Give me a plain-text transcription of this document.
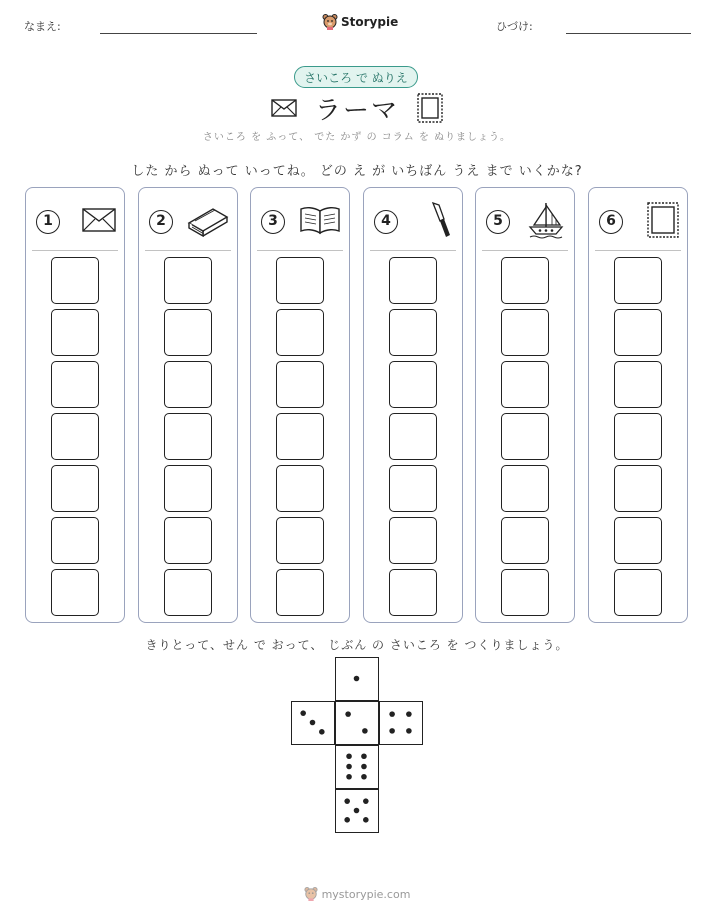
なまえ:	Storypie	ひづけ:
さいころ で ぬりえ
ラーマ
さいころ を ふって、 でた かず の コラム を ぬりましょう。
した から ぬって いってね。 どの え が いちばん うえ まで いくかな?
1	2	3	4	5	6
きりとって、せん で おって、 じぶん の さいころ を つくりましょう。
mystorypie.com
